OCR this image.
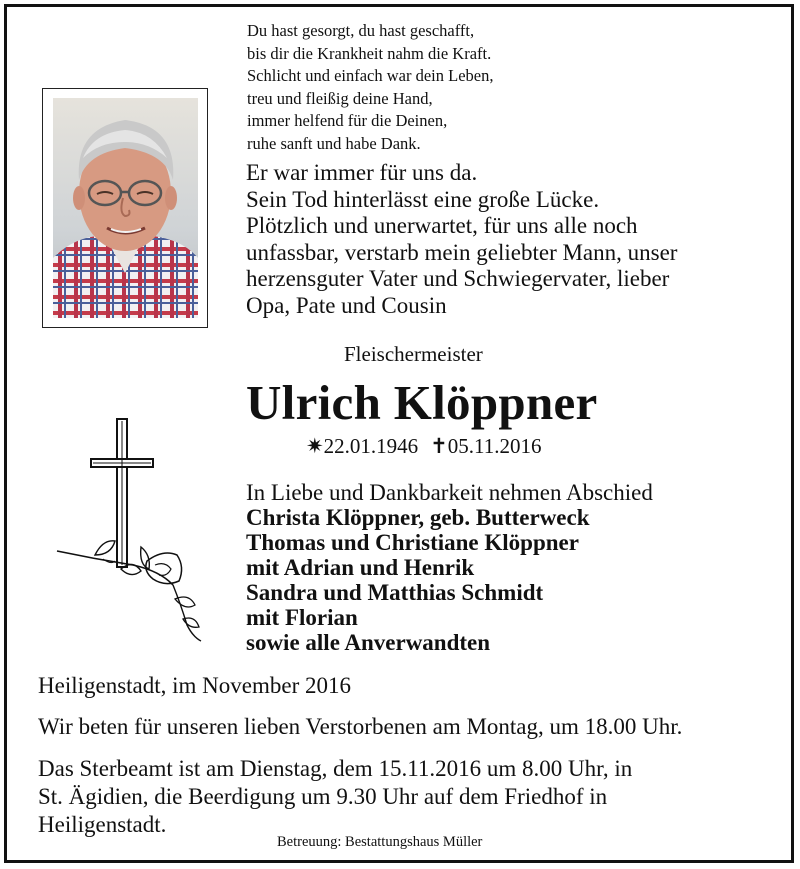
Du hast gesorgt, du hast geschafft,
bis dir die Krankheit nahm die Kraft.
Schlicht und einfach war dein Leben,
treu und fleißig deine Hand,
immer helfend für die Deinen,
ruhe sanft und habe Dank.
Er war immer für uns da.
Sein Tod hinterlässt eine große Lücke.
Plötzlich und unerwartet, für uns alle noch
unfassbar, verstarb mein geliebter Mann, unser
herzensguter Vater und Schwiegervater, lieber
Opa, Pate und Cousin
Fleischermeister
Ulrich Klöppner
✷22.01.1946 ✝05.11.2016
In Liebe und Dankbarkeit nehmen Abschied
Christa Klöppner, geb. Butterweck
Thomas und Christiane Klöppner
mit Adrian und Henrik
Sandra und Matthias Schmidt
mit Florian
sowie alle Anverwandten
Heiligenstadt, im November 2016
Wir beten für unseren lieben Verstorbenen am Montag, um 18.00 Uhr.
Das Sterbeamt ist am Dienstag, dem 15.11.2016 um 8.00 Uhr, in
St. Ägidien, die Beerdigung um 9.30 Uhr auf dem Friedhof in
Heiligenstadt.
Betreuung: Bestattungshaus Müller
